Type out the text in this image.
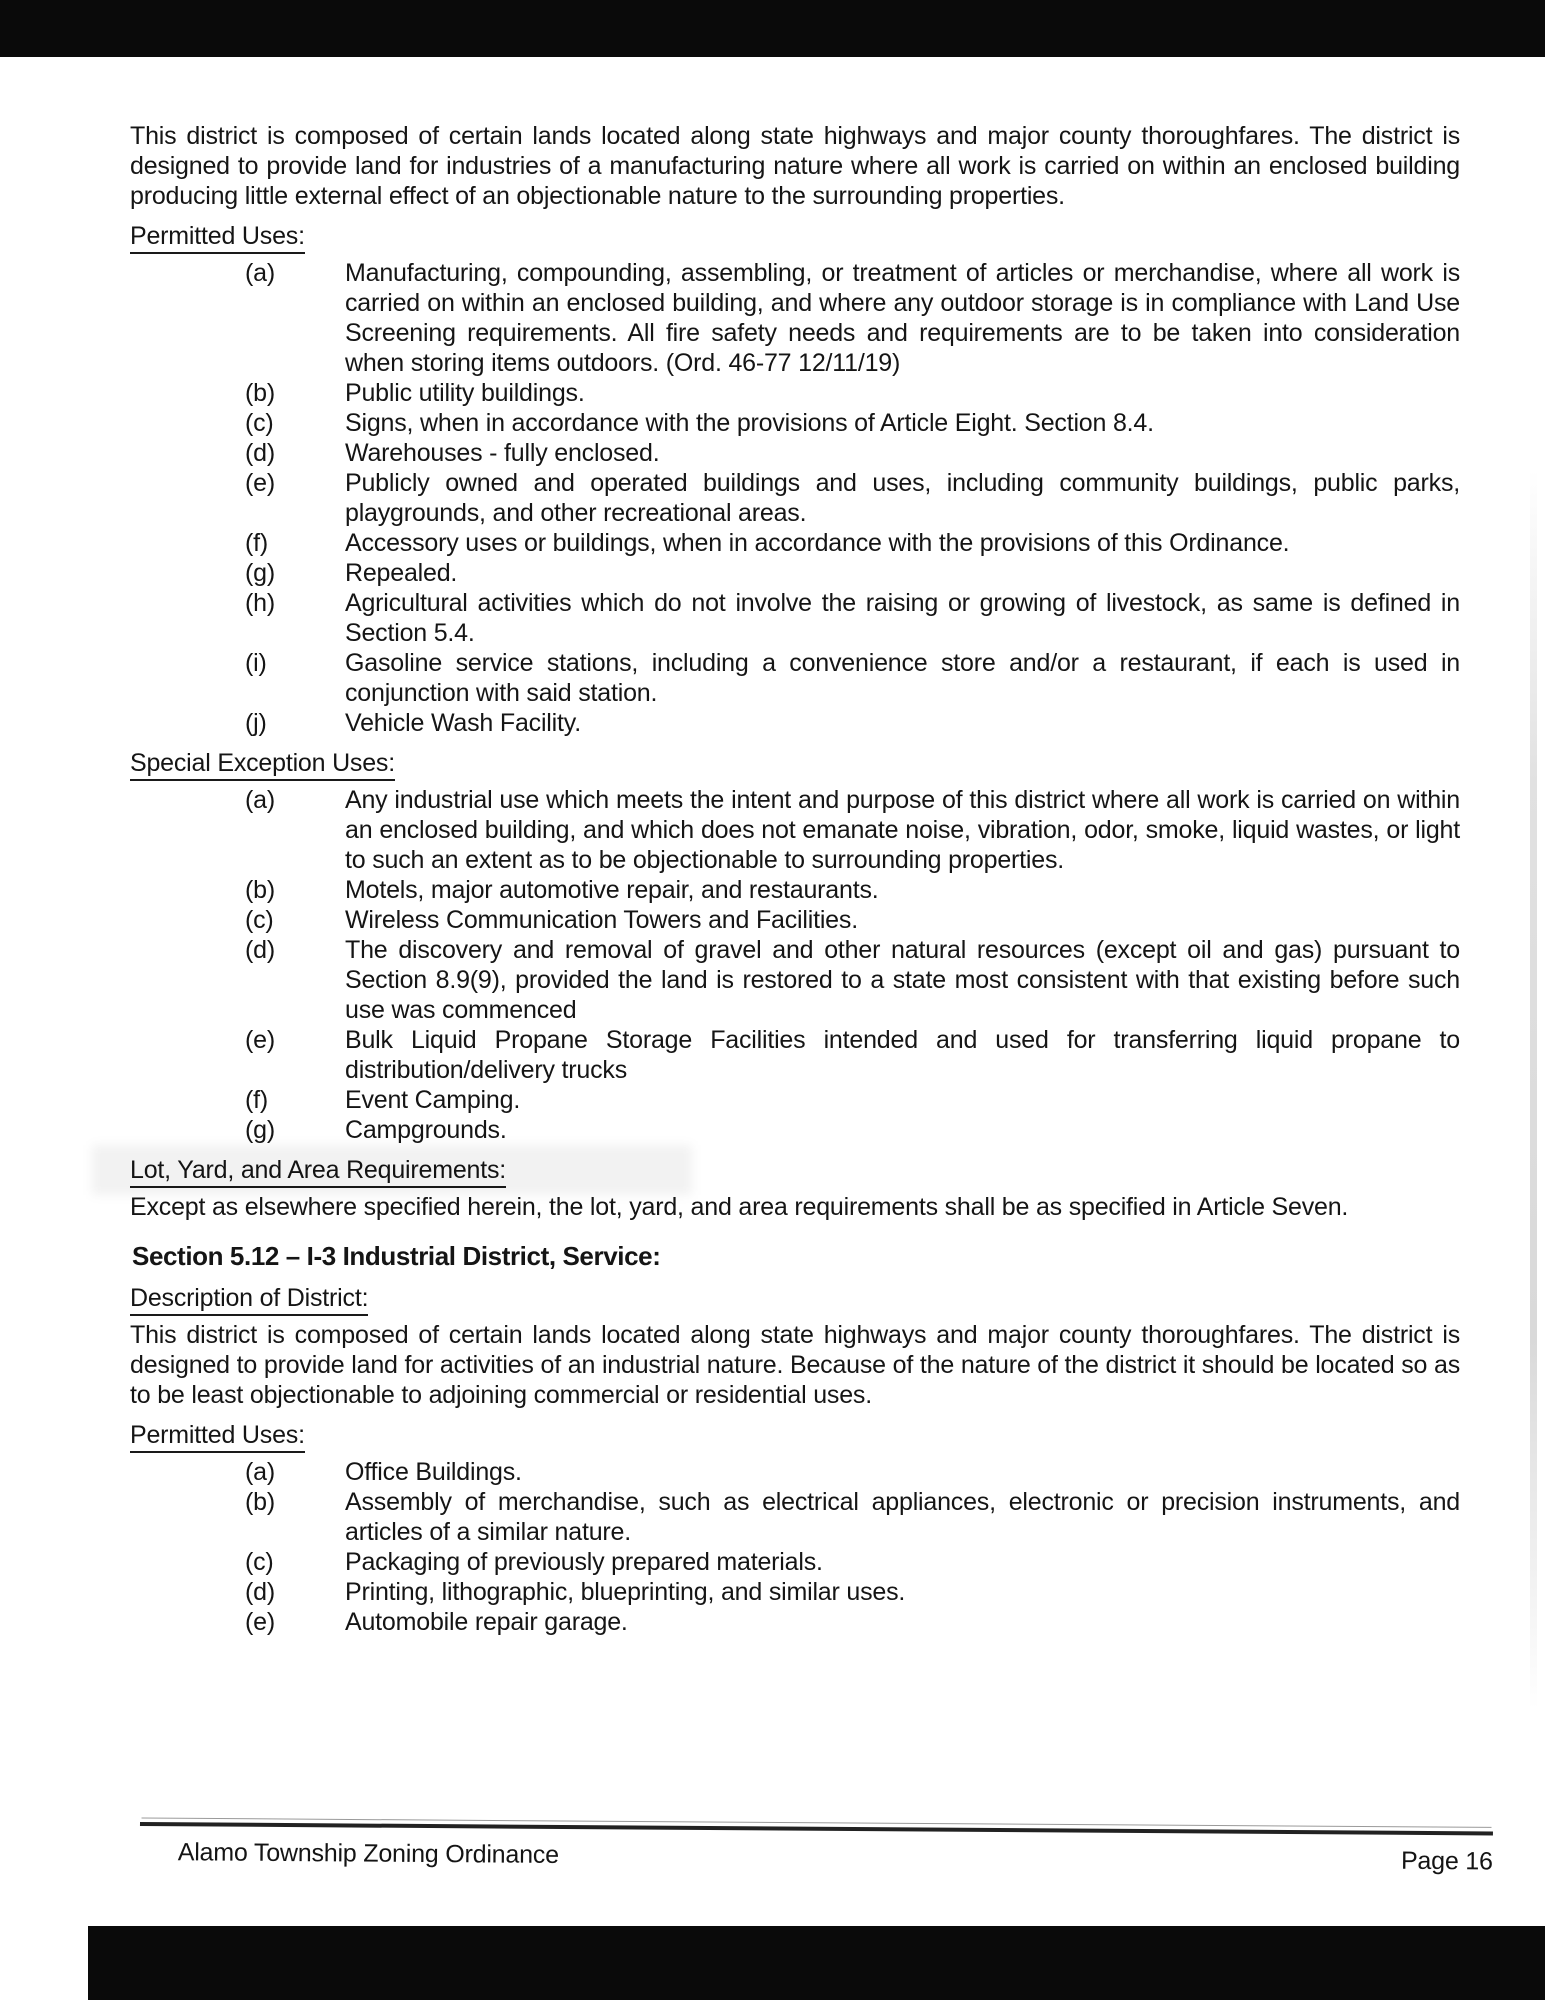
This district is composed of certain lands located along state highways and major county thoroughfares. The district is designed to provide land for industries of a manufacturing nature where all work is carried on within an enclosed building producing little external effect of an objectionable nature to the surrounding properties.

Permitted Uses:
(a)	Manufacturing, compounding, assembling, or treatment of articles or merchandise, where all work is carried on within an enclosed building, and where any outdoor storage is in compliance with Land Use Screening requirements. All fire safety needs and requirements are to be taken into consideration when storing items outdoors. (Ord. 46-77 12/11/19)
(b)	Public utility buildings.
(c)	Signs, when in accordance with the provisions of Article Eight. Section 8.4.
(d)	Warehouses - fully enclosed.
(e)	Publicly owned and operated buildings and uses, including community buildings, public parks, playgrounds, and other recreational areas.
(f)	Accessory uses or buildings, when in accordance with the provisions of this Ordinance.
(g)	Repealed.
(h)	Agricultural activities which do not involve the raising or growing of livestock, as same is defined in Section 5.4.
(i)	Gasoline service stations, including a convenience store and/or a restaurant, if each is used in conjunction with said station.
(j)	Vehicle Wash Facility.
Special Exception Uses:
(a)	Any industrial use which meets the intent and purpose of this district where all work is carried on within an enclosed building, and which does not emanate noise, vibration, odor, smoke, liquid wastes, or light to such an extent as to be objectionable to surrounding properties.
(b)	Motels, major automotive repair, and restaurants.
(c)	Wireless Communication Towers and Facilities.
(d)	The discovery and removal of gravel and other natural resources (except oil and gas) pursuant to Section 8.9(9), provided the land is restored to a state most consistent with that existing before such use was commenced
(e)	Bulk Liquid Propane Storage Facilities intended and used for transferring liquid propane to distribution/delivery trucks
(f)	Event Camping.
(g)	Campgrounds.
Lot, Yard, and Area Requirements:

Except as elsewhere specified herein, the lot, yard, and area requirements shall be as specified in Article Seven.

Section 5.12 – I-3 Industrial District, Service:
Description of District:

This district is composed of certain lands located along state highways and major county thoroughfares. The district is designed to provide land for activities of an industrial nature. Because of the nature of the district it should be located so as to be least objectionable to adjoining commercial or residential uses.

Permitted Uses:
(a)	Office Buildings.
(b)	Assembly of merchandise, such as electrical appliances, electronic or precision instruments, and articles of a similar nature.
(c)	Packaging of previously prepared materials.
(d)	Printing, lithographic, blueprinting, and similar uses.
(e)	Automobile repair garage.
Alamo Township Zoning Ordinance	Page 16
